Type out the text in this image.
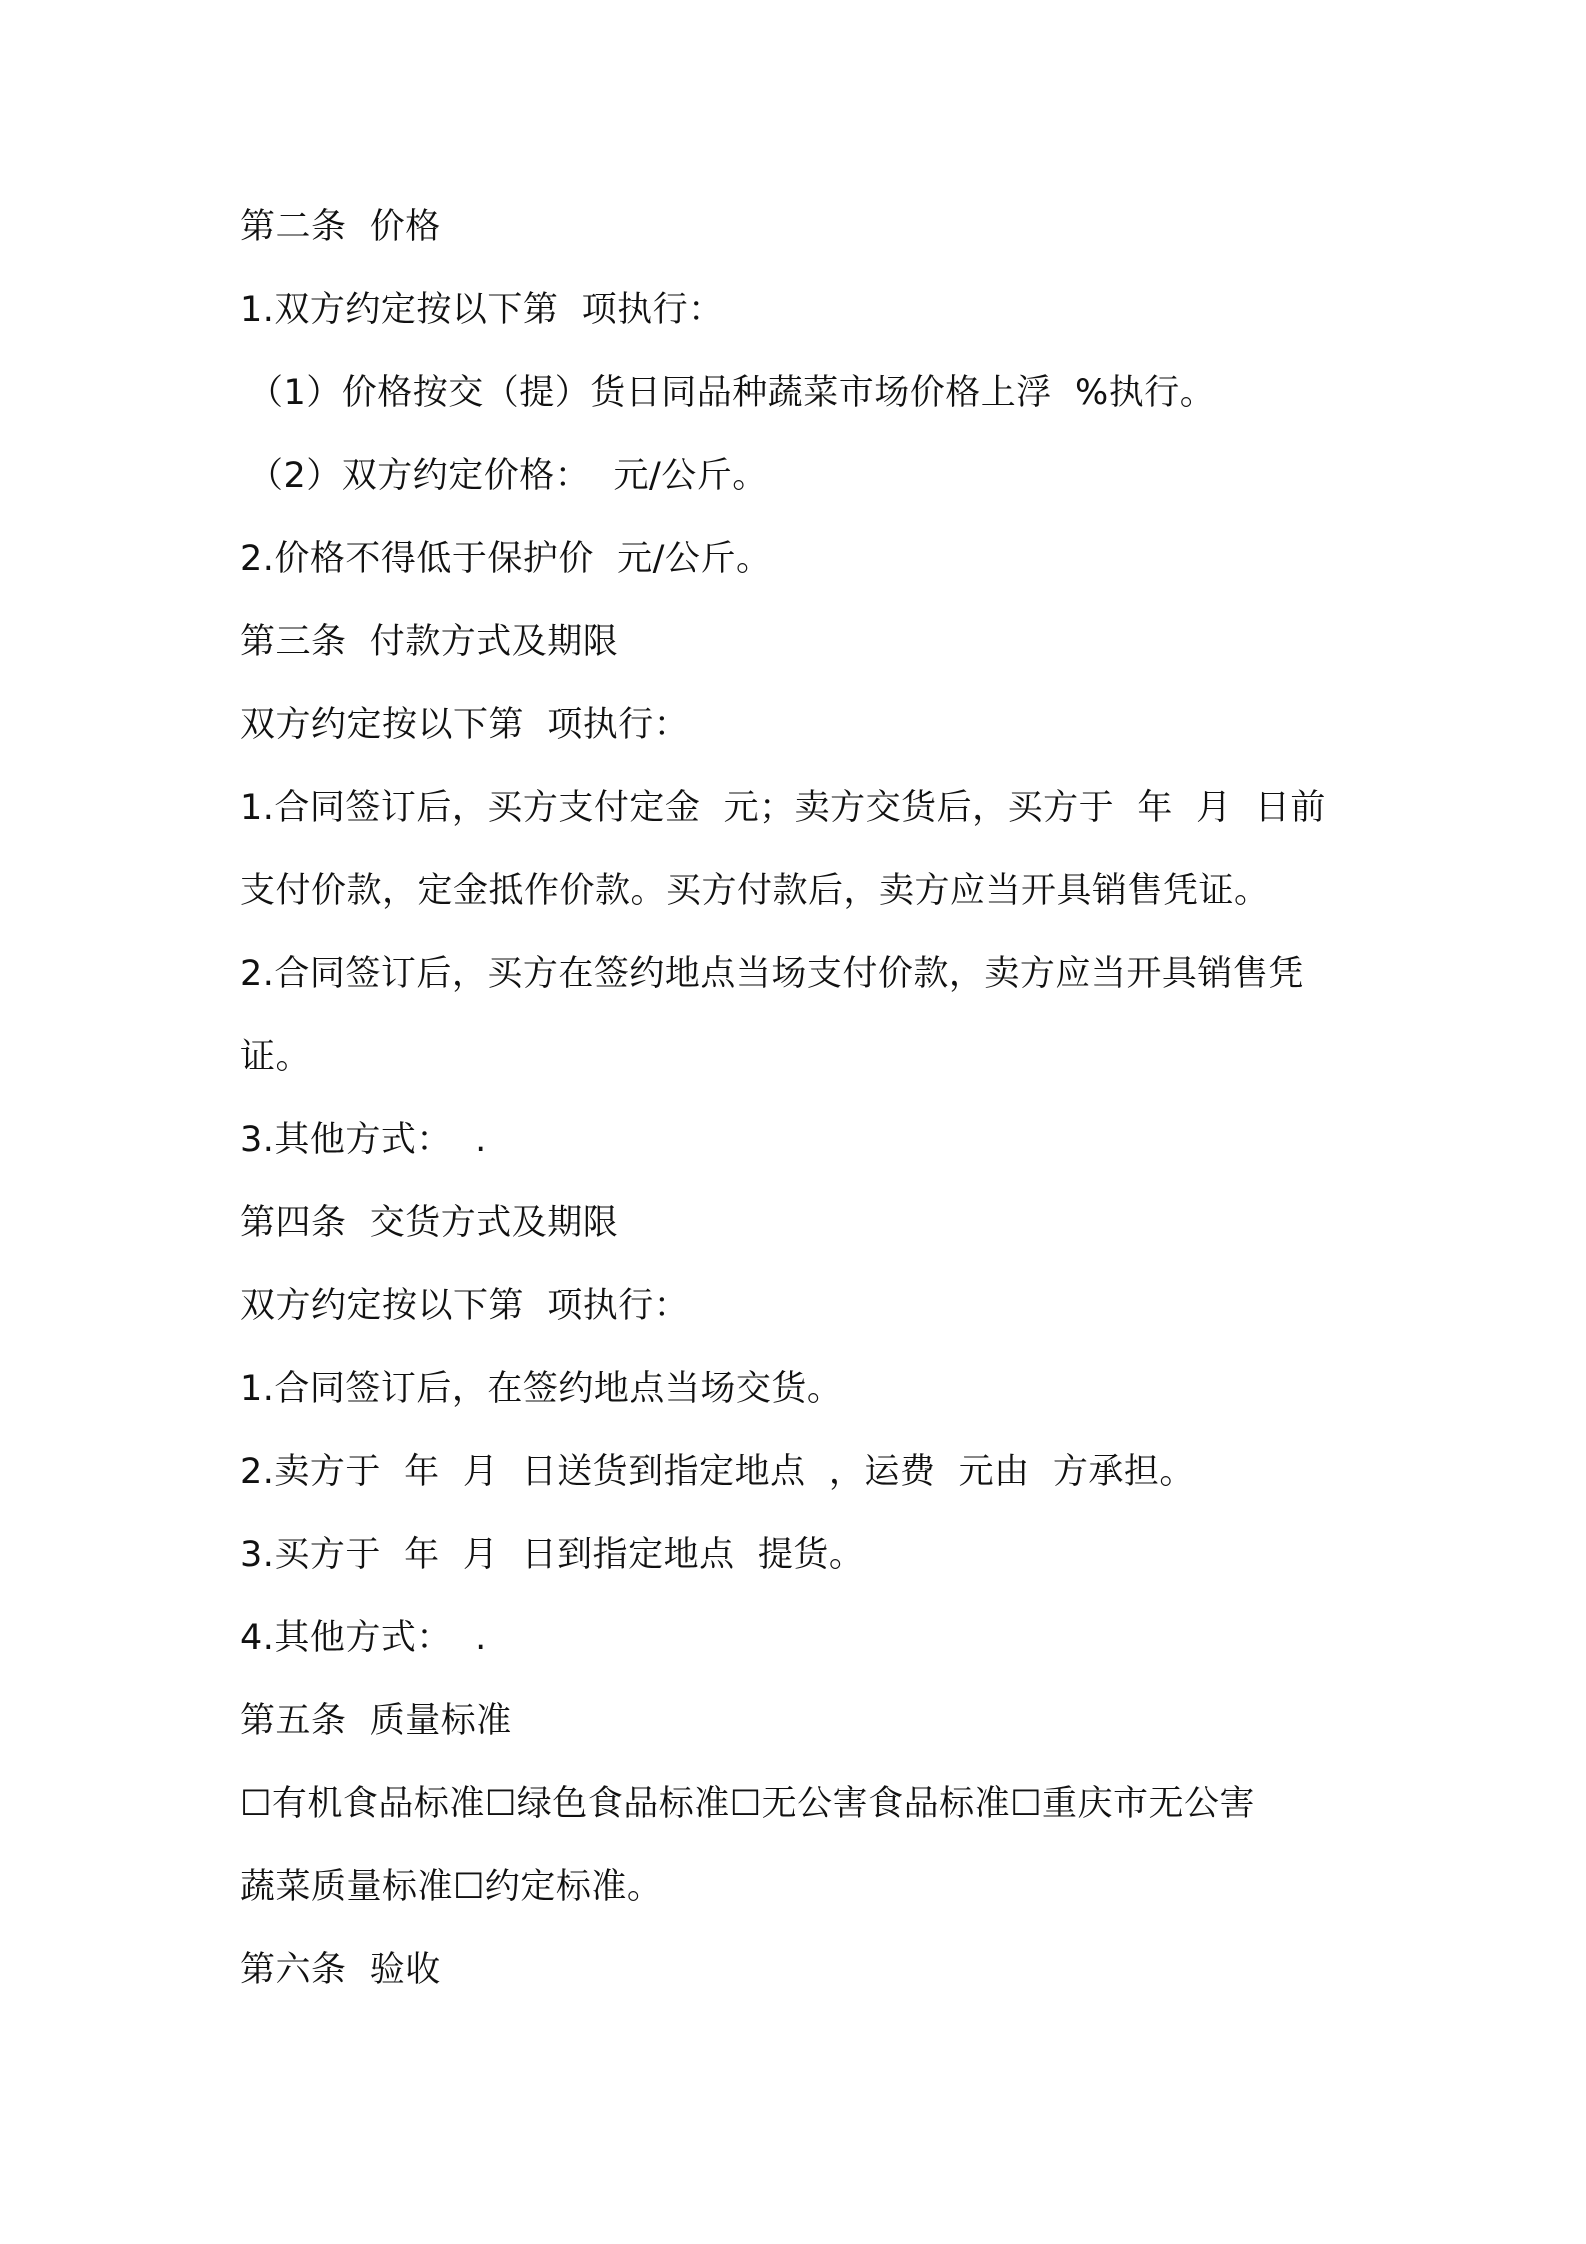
第二条  价格
1.双方约定按以下第  项执行：
（1）价格按交（提）货日同品种蔬菜市场价格上浮  %执行。
（2）双方约定价格：  元/公斤。
2.价格不得低于保护价  元/公斤。
第三条  付款方式及期限
双方约定按以下第  项执行：
1.合同签订后，买方支付定金  元；卖方交货后，买方于  年  月  日前
支付价款，定金抵作价款。买方付款后，卖方应当开具销售凭证。
2.合同签订后，买方在签约地点当场支付价款，卖方应当开具销售凭
证。
3.其他方式：  .
第四条  交货方式及期限
双方约定按以下第  项执行：
1.合同签订后，在签约地点当场交货。
2.卖方于  年  月  日送货到指定地点  ，运费  元由  方承担。
3.买方于  年  月  日到指定地点  提货。
4.其他方式：  .
第五条  质量标准
☐有机食品标准☐绿色食品标准☐无公害食品标准☐重庆市无公害
蔬菜质量标准☐约定标准。
第六条  验收
